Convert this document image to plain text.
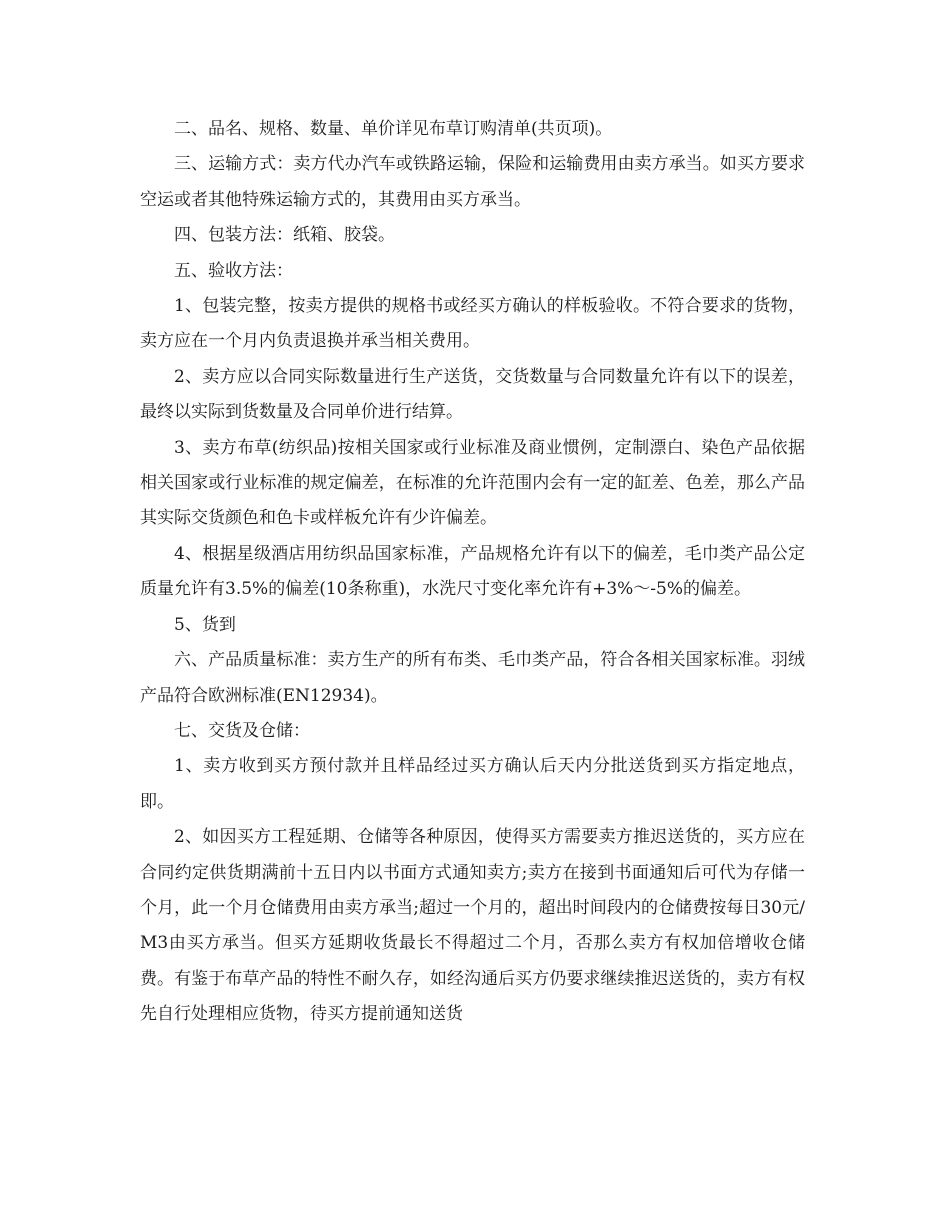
二、品名、规格、数量、单价详见布草订购清单(共页项)。

三、运输方式：卖方代办汽车或铁路运输，保险和运输费用由卖方承当。如买方要求空运或者其他特殊运输方式的，其费用由买方承当。

四、包装方法：纸箱、胶袋。

五、验收方法：

1、包装完整，按卖方提供的规格书或经买方确认的样板验收。不符合要求的货物，卖方应在一个月内负责退换并承当相关费用。

2、卖方应以合同实际数量进行生产送货，交货数量与合同数量允许有以下的误差，最终以实际到货数量及合同单价进行结算。

3、卖方布草(纺织品)按相关国家或行业标准及商业惯例，定制漂白、染色产品依据相关国家或行业标准的规定偏差，在标准的允许范围内会有一定的缸差、色差，那么产品其实际交货颜色和色卡或样板允许有少许偏差。

4、根据星级酒店用纺织品国家标准，产品规格允许有以下的偏差，毛巾类产品公定质量允许有3.5%的偏差(10条称重)，水洗尺寸变化率允许有+3%～-5%的偏差。

5、货到

六、产品质量标准：卖方生产的所有布类、毛巾类产品，符合各相关国家标准。羽绒产品符合欧洲标准(EN12934)。

七、交货及仓储：

1、卖方收到买方预付款并且样品经过买方确认后天内分批送货到买方指定地点，即。

2、如因买方工程延期、仓储等各种原因，使得买方需要卖方推迟送货的，买方应在合同约定供货期满前十五日内以书面方式通知卖方;卖方在接到书面通知后可代为存储一个月，此一个月仓储费用由卖方承当;超过一个月的，超出时间段内的仓储费按每日30元/M3由买方承当。但买方延期收货最长不得超过二个月，否那么卖方有权加倍增收仓储费。有鉴于布草产品的特性不耐久存，如经沟通后买方仍要求继续推迟送货的，卖方有权先自行处理相应货物，待买方提前通知送货
